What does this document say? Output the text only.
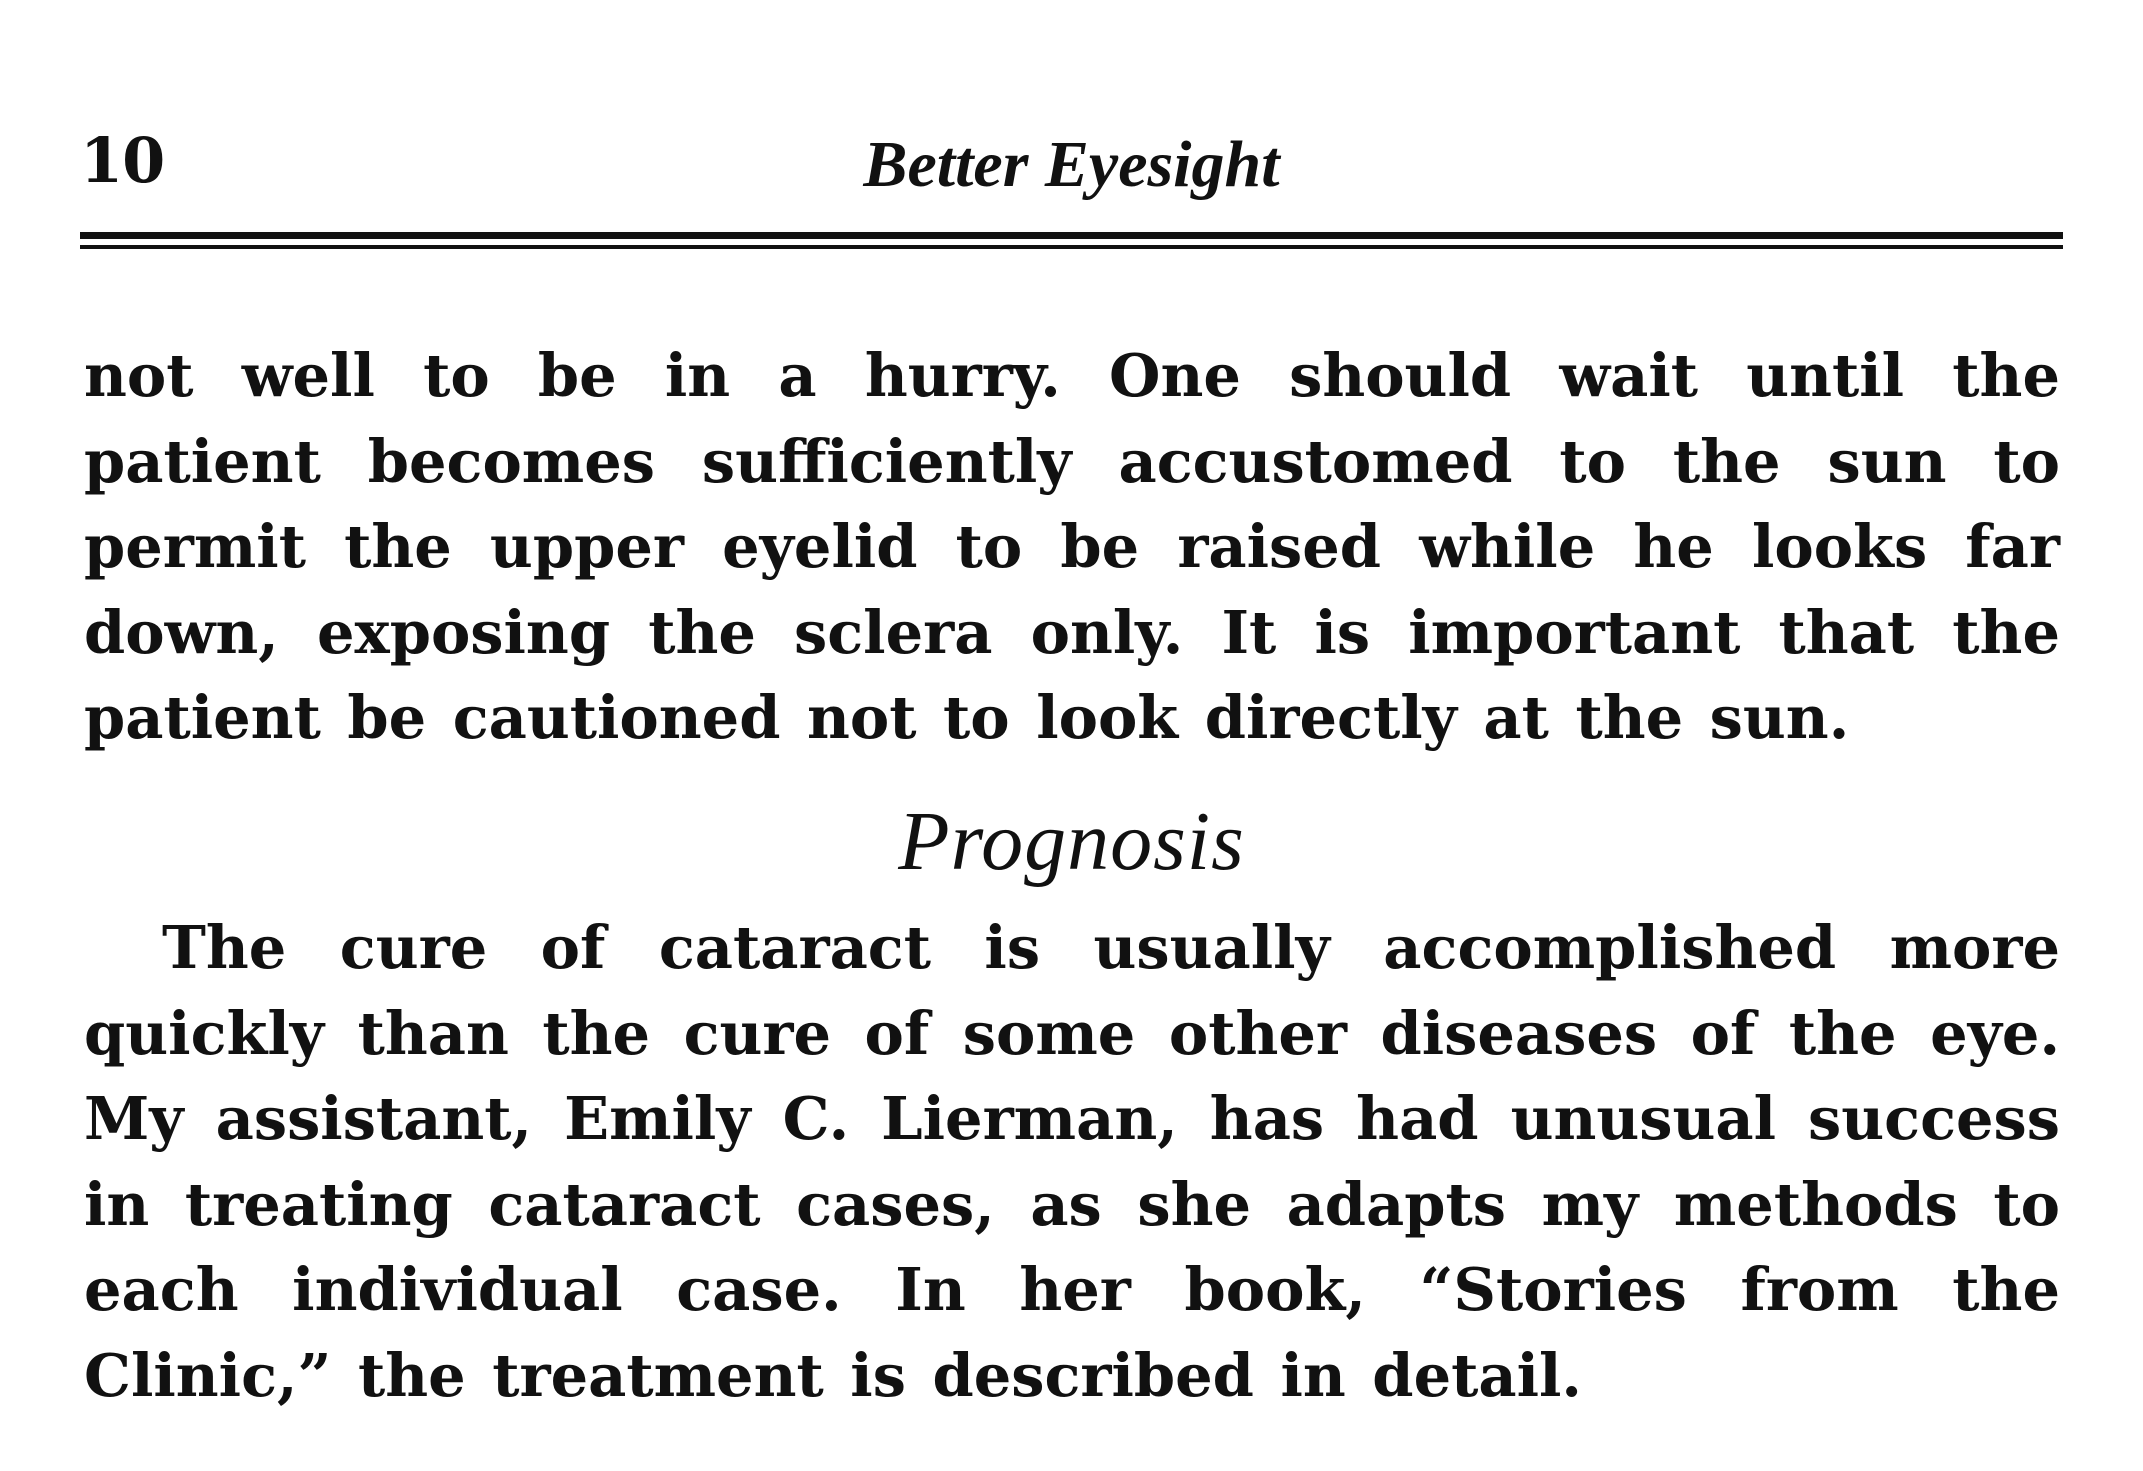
10	Better Eyesight

not well to be in a hurry. One should wait until the patient becomes sufficiently accustomed to the sun to permit the upper eyelid to be raised while he looks far down, exposing the sclera only. It is important that the patient be cautioned not to look directly at the sun.

Prognosis

The cure of cataract is usually accomplished more quickly than the cure of some other diseases of the eye. My assistant, Emily C. Lierman, has had unusual success in treating cataract cases, as she adapts my methods to each individual case. In her book, “Stories from the Clinic,” the treatment is described in detail.
